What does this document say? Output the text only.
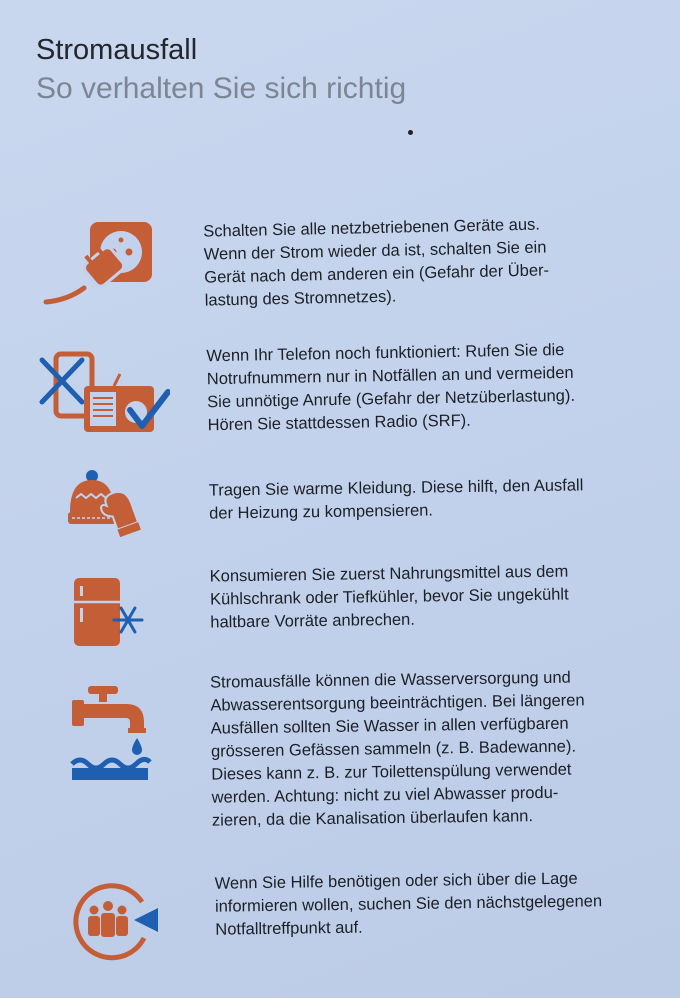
Stromausfall
So verhalten Sie sich richtig

Schalten Sie alle netzbetriebenen Geräte aus.
Wenn der Strom wieder da ist, schalten Sie ein
Gerät nach dem anderen ein (Gefahr der Über-
lastung des Stromnetzes).

Wenn Ihr Telefon noch funktioniert: Rufen Sie die
Notrufnummern nur in Notfällen an und vermeiden
Sie unnötige Anrufe (Gefahr der Netzüberlastung).
Hören Sie stattdessen Radio (SRF).

Tragen Sie warme Kleidung. Diese hilft, den Ausfall
der Heizung zu kompensieren.

Konsumieren Sie zuerst Nahrungsmittel aus dem
Kühlschrank oder Tiefkühler, bevor Sie ungekühlt
haltbare Vorräte anbrechen.

Stromausfälle können die Wasserversorgung und
Abwasserentsorgung beeinträchtigen. Bei längeren
Ausfällen sollten Sie Wasser in allen verfügbaren
grösseren Gefässen sammeln (z. B. Badewanne).
Dieses kann z. B. zur Toilettenspülung verwendet
werden. Achtung: nicht zu viel Abwasser produ-
zieren, da die Kanalisation überlaufen kann.

Wenn Sie Hilfe benötigen oder sich über die Lage
informieren wollen, suchen Sie den nächstgelegenen
Notfalltreffpunkt auf.
